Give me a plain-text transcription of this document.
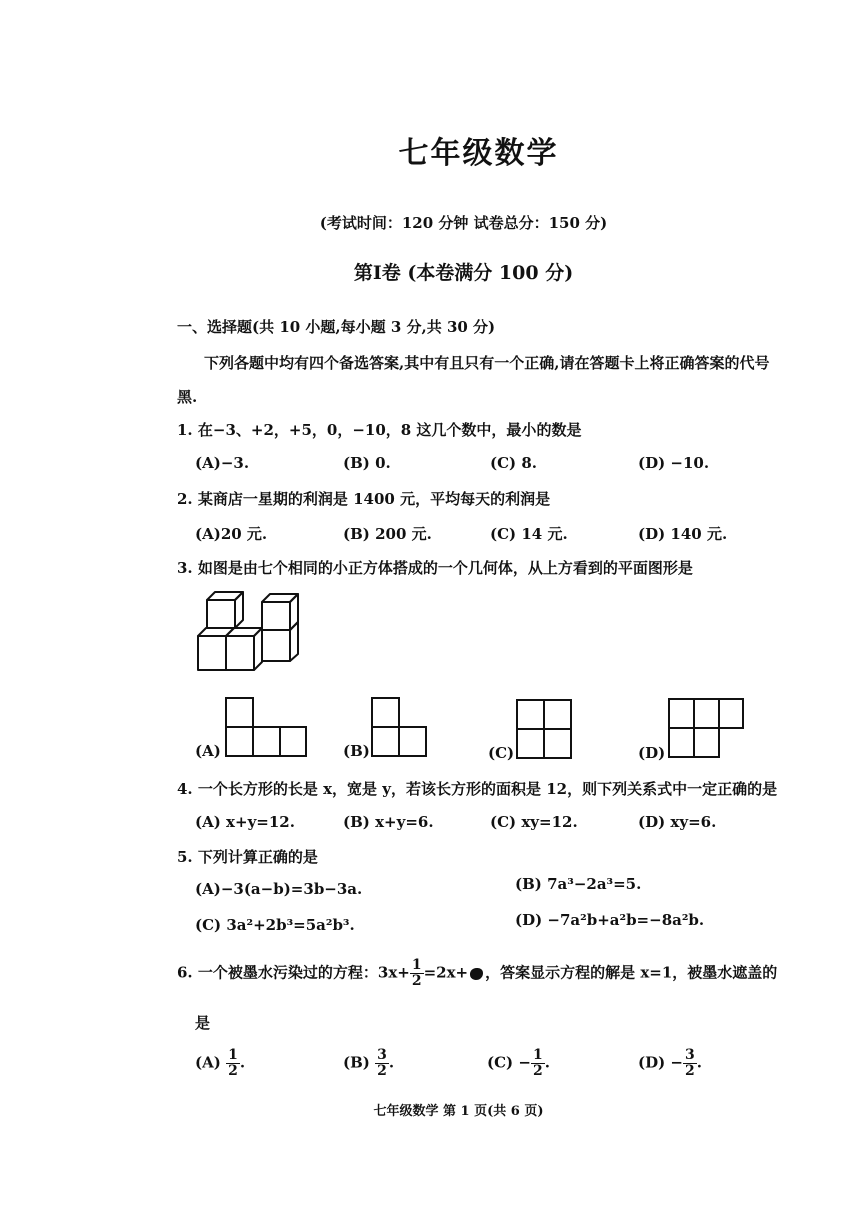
七年级数学
(考试时间：120 分钟 试卷总分：150 分)
第Ⅰ卷 (本卷满分 100 分)
一、选择题(共 10 小题,每小题 3 分,共 30 分)
下列各题中均有四个备选答案,其中有且只有一个正确,请在答题卡上将正确答案的代号
黑.
1. 在−3、+2，+5，0，−10，8 这几个数中，最小的数是
(A)−3.	(B) 0.	(C) 8.	(D) −10.
2. 某商店一星期的利润是 1400 元，平均每天的利润是
(A)20 元.	(B) 200 元.	(C) 14 元.	(D) 140 元.
3. 如图是由七个相同的小正方体搭成的一个几何体，从上方看到的平面图形是
(A)	(B)	(C)	(D)
4. 一个长方形的长是 x，宽是 y，若该长方形的面积是 12，则下列关系式中一定正确的是
(A) x+y=12.	(B) x+y=6.	(C) xy=12.	(D) xy=6.
5. 下列计算正确的是
(A)−3(a−b)=3b−3a.	(B) 7a³−2a³=5.
(C) 3a²+2b³=5a²b³.	(D) −7a²b+a²b=−8a²b.
6. 一个被墨水污染过的方程：$3x+ \frac{1}{2} =2x+$ ，答案显示方程的解是 x=1，被墨水遮盖的
是
$(A) \frac{1}{2}$ .	$(B) \frac{3}{2}$ .	$(C) - \frac{1}{2}$ .	$(D) - \frac{3}{2}$ .
七年级数学 第 1 页(共 6 页)
